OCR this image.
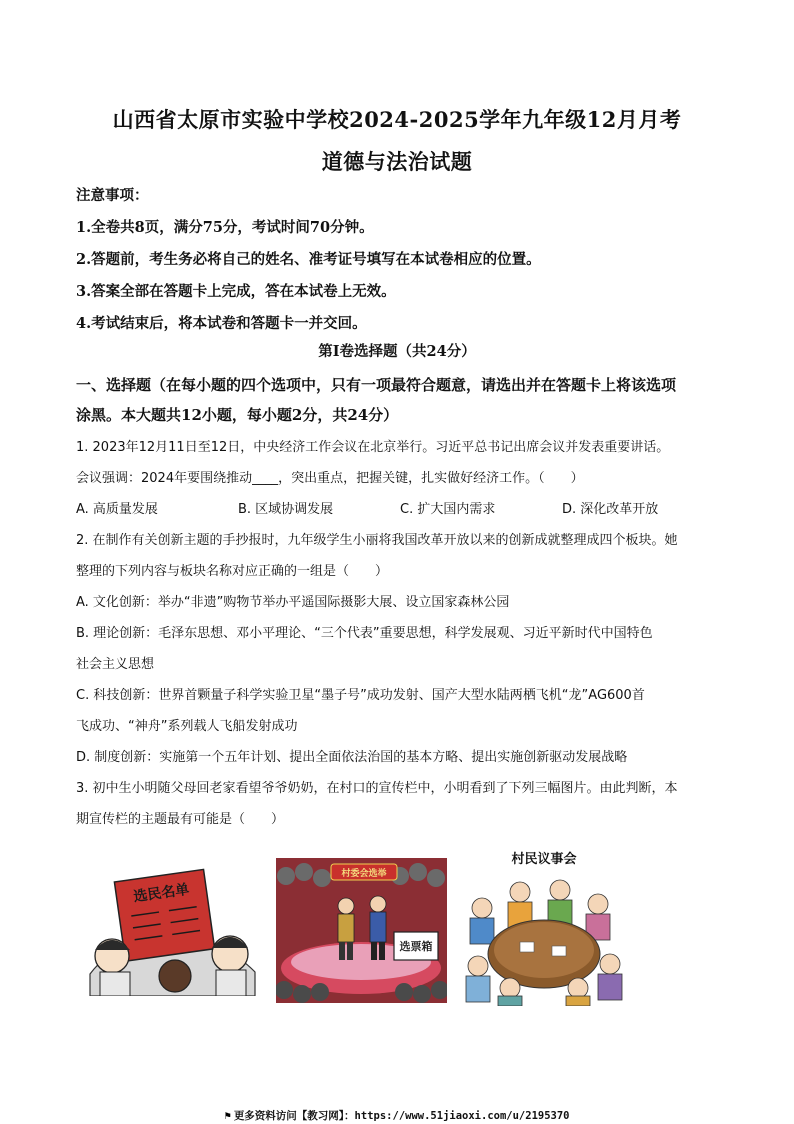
山西省太原市实验中学校2024-2025学年九年级12月月考
道德与法治试题
注意事项：
1.全卷共8页，满分75分，考试时间70分钟。
2.答题前，考生务必将自己的姓名、准考证号填写在本试卷相应的位置。
3.答案全部在答题卡上完成，答在本试卷上无效。
4.考试结束后，将本试卷和答题卡一并交回。
第Ⅰ卷选择题（共24分）
一、选择题（在每小题的四个选项中，只有一项最符合题意，请选出并在答题卡上将该选项
涂黑。本大题共12小题，每小题2分，共24分）
1. 2023年12月11日至12日，中央经济工作会议在北京举行。习近平总书记出席会议并发表重要讲话。
会议强调：2024年要围绕推动____，突出重点，把握关键，扎实做好经济工作。（　　）
A. 高质量发展	B. 区域协调发展	C. 扩大国内需求	D. 深化改革开放
2. 在制作有关创新主题的手抄报时，九年级学生小丽将我国改革开放以来的创新成就整理成四个板块。她
整理的下列内容与板块名称对应正确的一组是（　　）
A. 文化创新：举办“非遗”购物节举办平遥国际摄影大展、设立国家森林公园
B. 理论创新：毛泽东思想、邓小平理论、“三个代表”重要思想，科学发展观、习近平新时代中国特色
社会主义思想
C. 科技创新：世界首颗量子科学实验卫星“墨子号”成功发射、国产大型水陆两栖飞机“龙”AG600首
飞成功、“神舟”系列载人飞船发射成功
D. 制度创新：实施第一个五年计划、提出全面依法治国的基本方略、提出实施创新驱动发展战略
3. 初中生小明随父母回老家看望爷爷奶奶，在村口的宣传栏中，小明看到了下列三幅图片。由此判断，本
期宣传栏的主题最有可能是（　　）
选民名单
村委会选举
选票箱
村民议事会
⚑ 更多资料访问【教习网】：https://www.51jiaoxi.com/u/2195370
